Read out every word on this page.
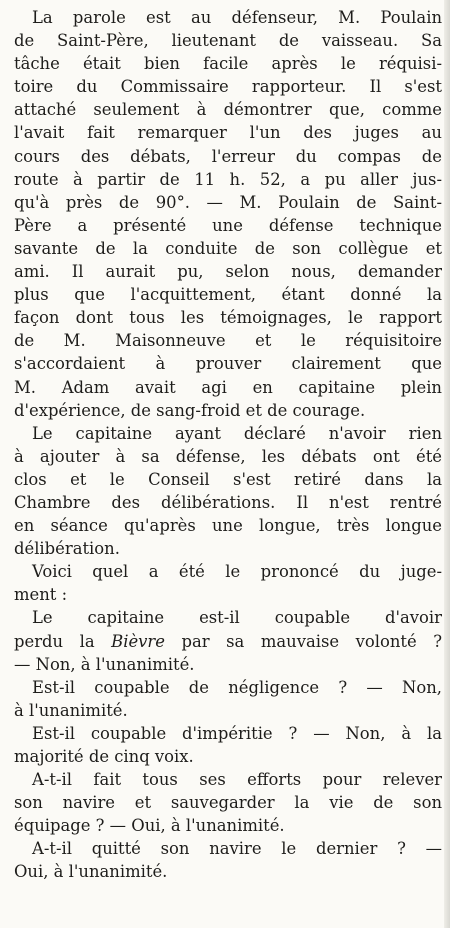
La parole est au défenseur, M. Poulain
de Saint-Père, lieutenant de vaisseau. Sa
tâche était bien facile après le réquisi-
toire du Commissaire rapporteur. Il s'est
attaché seulement à démontrer que, comme
l'avait fait remarquer l'un des juges au
cours des débats, l'erreur du compas de
route à partir de 11 h. 52, a pu aller jus-
qu'à près de 90°. — M. Poulain de Saint-
Père a présenté une défense technique
savante de la conduite de son collègue et
ami. Il aurait pu, selon nous, demander
plus que l'acquittement, étant donné la
façon dont tous les témoignages, le rapport
de M. Maisonneuve et le réquisitoire
s'accordaient à prouver clairement que
M. Adam avait agi en capitaine plein
d'expérience, de sang-froid et de courage.
Le capitaine ayant déclaré n'avoir rien
à ajouter à sa défense, les débats ont été
clos et le Conseil s'est retiré dans la
Chambre des délibérations. Il n'est rentré
en séance qu'après une longue, très longue
délibération.
Voici quel a été le prononcé du juge-
ment :
Le capitaine est-il coupable d'avoir
perdu la Bièvre par sa mauvaise volonté ?
— Non, à l'unanimité.
Est-il coupable de négligence ? — Non,
à l'unanimité.
Est-il coupable d'impéritie ? — Non, à la
majorité de cinq voix.
A-t-il fait tous ses efforts pour relever
son navire et sauvegarder la vie de son
équipage ? — Oui, à l'unanimité.
A-t-il quitté son navire le dernier ? —
Oui, à l'unanimité.
